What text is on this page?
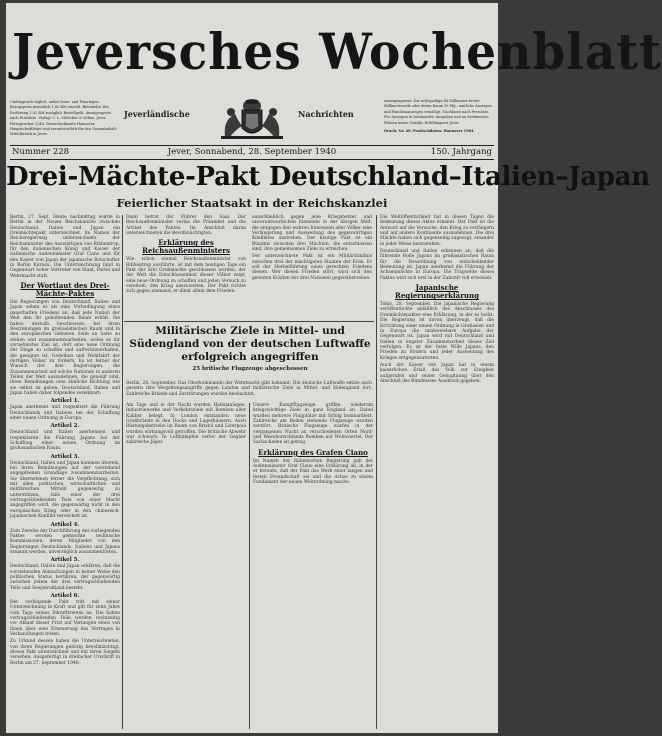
Jeversches Wochenblatt
Umfangreich täglich, außer Sonn- und Feiertagen. Bezugspreis monatlich 1,80 RM einschl. Botenlohn. Bei Postbezug 1,92 RM zuzüglich Bestellgeld. Anzeigenpreis nach Preisliste. Verlag: C. L. Mettcker & Söhne, Jever. Fernsprecher 2240. Postscheckkonto Hannover. Hauptschriftleiter und verantwortlich für den Gesamtinhalt: Mittelbrinck in Jever.
Jeverländische	Nachrichten
Anzeigenpreise: Die achtspaltige 46 Millimeter breite Millimeterzeile oder deren Raum 10 Pfg., amtliche Anzeigen und Familienanzeigen ermäßigt. Nachlässe nach Preisliste. Für Anzeigen in bestimmten Ausgaben und an bestimmten Plätzen keine Gewähr. Erfüllungsort Jever.
Druck: Nr. 40. Postfachdaten: Hannover 1984
Nummer 228	Jever, Sonnabend, 28. September 1940	150. Jahrgang
Drei-Mächte-Pakt Deutschland–Italien–Japan
Feierlicher Staatsakt in der Reichskanzlei

Berlin, 27. Sept. Heute nachmittag wurde in Berlin in der Neuen Reichskanzlei zwischen Deutschland, Italien und Japan ein Dreimächtepakt unterzeichnet. Im Namen der Reichsregierung unterzeichnete der Reichsminister des Auswärtigen von Ribbentrop, für den italienischen König und Kaiser der italienische Außenminister Graf Ciano und für den Kaiser von Japan der japanische Botschafter in Berlin Kurusu. Die Unterzeichnung fand in Gegenwart hoher Vertreter von Staat, Partei und Wehrmacht statt.

Der Wortlaut des Drei-Mächte-Paktes

Die Regierungen von Deutschland, Italien und Japan sehen es als eine Vorbedingung eines dauerhaften Friedens an, daß jede Nation der Welt den ihr gebührenden Raum erhält. Sie haben deshalb beschlossen, bei ihren Bestrebungen im großasiatischen Raum und in den europäischen Gebieten Seite an Seite zu stehen und zusammenzuarbeiten, wobei es ihr vornehmstes Ziel ist, dort eine neue Ordnung der Dinge zu schaffen und aufrechtzuerhalten, die geeignet ist, Gedeihen und Wohlfahrt der dortigen Völker zu fördern. Es ist ferner der Wunsch der drei Regierungen, die Zusammenarbeit auf solche Nationen in anderen Teilen der Welt auszudehnen, die geneigt sind, ihren Bemühungen eine ähnliche Richtung wie sie selbst zu geben. Deutschland, Italien und Japan haben daher folgendes vereinbart:

Artikel 1.

Japan anerkennt und respektiert die Führung Deutschlands und Italiens bei der Schaffung einer neuen Ordnung in Europa.

Artikel 2.

Deutschland und Italien anerkennen und respektieren die Führung Japans bei der Schaffung einer neuen Ordnung im großasiatischen Raum.

Artikel 3.

Deutschland, Italien und Japan kommen überein, bei ihren Bemühungen auf der vorstehend angegebenen Grundlage zusammenzuarbeiten. Sie übernehmen ferner die Verpflichtung, sich mit allen politischen, wirtschaftlichen und militärischen Mitteln gegenseitig zu unterstützen, falls einer der drei vertragschließenden Teile von einer Macht angegriffen wird, die gegenwärtig nicht in den europäischen Krieg oder in den chinesisch-japanischen Konflikt verwickelt ist.

Artikel 4.

Zum Zwecke der Durchführung des vorliegenden Paktes werden gemischte technische Kommissionen, deren Mitglieder von den Regierungen Deutschlands, Italiens und Japans ernannt werden, unverzüglich zusammentreten.

Artikel 5.

Deutschland, Italien und Japan erklären, daß die vorstehenden Abmachungen in keiner Weise den politischen Status berühren, der gegenwärtig zwischen jedem der drei vertragschließenden Teile und Sowjetrußland besteht.

Artikel 6.

Der vorliegende Pakt tritt mit seiner Unterzeichnung in Kraft und gilt für zehn Jahre vom Tage seines Inkrafttretens an. Die hohen vertragschließenden Teile werden rechtzeitig vor Ablauf dieser Frist auf Verlangen eines von ihnen über eine Erneuerung des Vertrages in Verhandlungen treten.

Zu Urkund dessen haben die Unterzeichneten, von ihren Regierungen gehörig bevollmächtigt, diesen Pakt unterzeichnet und mit ihren Siegeln versehen. Ausgefertigt in dreifacher Urschrift in Berlin am 27. September 1940.

Dann betrat der Führer den Saal. Der Reichsaußenminister verlas die Präambel und die Artikel des Paktes. Im Anschluß daran unterzeichneten die Bevollmächtigten.

Erklärung des Reichsaußenministers

Wie schon einmal Reichsaußenminister von Ribbentrop ausführte, ist mit dem heutigen Tage ein Pakt der drei Großmächte geschlossen worden, der der Welt die Entschlossenheit dieser Völker zeigt, eine neue Ordnung zu schaffen und jeden Versuch zu vereiteln, den Krieg auszuweiten. Der Pakt richtet sich gegen niemand, er dient allein dem Frieden.

ausschließlich gegen jene Kriegshetzer und unverantwortlichen Elemente in der übrigen Welt, die entgegen den wahren Interessen aller Völker eine Verlängerung und Ausweitung des gegenwärtigen Konfliktes anstreben. Der heutige Pakt ist ein Bündnis zwischen drei Mächten, die entschlossen sind, ihre gemeinsamen Ziele zu erreichen.

Der unterzeichnete Pakt ist ein Militärbündnis zwischen drei der mächtigsten Staaten der Erde. Er soll der Herbeiführung eines gerechten Friedens dienen. Wer diesen Frieden stört, wird sich den geeinten Kräften der drei Nationen gegenübersehen.

Die Weltöffentlichkeit hat in diesen Tagen die Bedeutung dieses Aktes erkannt. Der Pakt ist die Antwort auf die Versuche, den Krieg zu verlängern und auf andere Kontinente auszudehnen. Die drei Mächte haben sich gegenseitig zugesagt, einander in jeder Weise beizustehen.

Deutschland und Italien erkennen an, daß die führende Rolle Japans im großasiatischen Raum für die Neuordnung von entscheidender Bedeutung ist. Japan anerkennt die Führung der Achsenmächte in Europa. Die Tragweite dieses Paktes wird sich erst in der Zukunft voll erweisen.

Japanische Regierungserklärung

Tokio, 28. September. Die japanische Regierung veröffentlichte anläßlich des Abschlusses des Dreimächtepaktes eine Erklärung, in der es heißt: Die Regierung ist davon überzeugt, daß die Errichtung einer neuen Ordnung in Großasien und in Europa die unabweisbare Aufgabe der Gegenwart ist. Japan wird mit Deutschland und Italien in engster Zusammenarbeit dieses Ziel verfolgen. Es ist der feste Wille Japans, den Frieden zu fördern und jeder Ausweitung des Krieges entgegenzutreten.

Auch der Kaiser von Japan hat in einem kaiserlichen Erlaß das Volk zur Einigkeit aufgerufen und seiner Genugtuung über den Abschluß des Bündnisses Ausdruck gegeben.

Militärische Ziele in Mittel- und Südengland von der deutschen Luftwaffe erfolgreich angegriffen
25 britische Flugzeuge abgeschossen

Berlin, 28. September. Das Oberkommando der Wehrmacht gibt bekannt: Die deutsche Luftwaffe setzte auch gestern ihre Vergeltungsangriffe gegen London und militärische Ziele in Mittel- und Südengland fort. Zahlreiche Brände und Zerstörungen wurden beobachtet.

Am Tage und in der Nacht wurden Hafenanlagen, Industriewerke und Verkehrsziele mit Bomben aller Kaliber belegt. In London entstanden neue Großbrände in den Docks und Lagerhäusern. Auch Rüstungsbetriebe im Raum von Bristol und Liverpool wurden wirkungsvoll getroffen. Die britische Abwehr war schwach. In Luftkämpfen verlor der Gegner zahlreiche Jäger.

Unsere Kampfflugzeuge griffen wiederum kriegswichtige Ziele in ganz England an. Dabei wurden mehrere Flugplätze mit Erfolg bombardiert. Zahlreiche am Boden stehende Flugzeuge wurden zerstört. Britische Flugzeuge warfen in der vergangenen Nacht an verschiedenen Orten Nord- und Westdeutschlands Bomben auf Wohnviertel. Der Sachschaden ist gering.

Erklärung des Grafen Ciano

Im Namen der italienischen Regierung gab der Außenminister Graf Ciano eine Erklärung ab, in der er betonte, daß der Pakt das Werk einer langen und festen Freundschaft sei und die Achse zu einem Fundament der neuen Weltordnung mache.
